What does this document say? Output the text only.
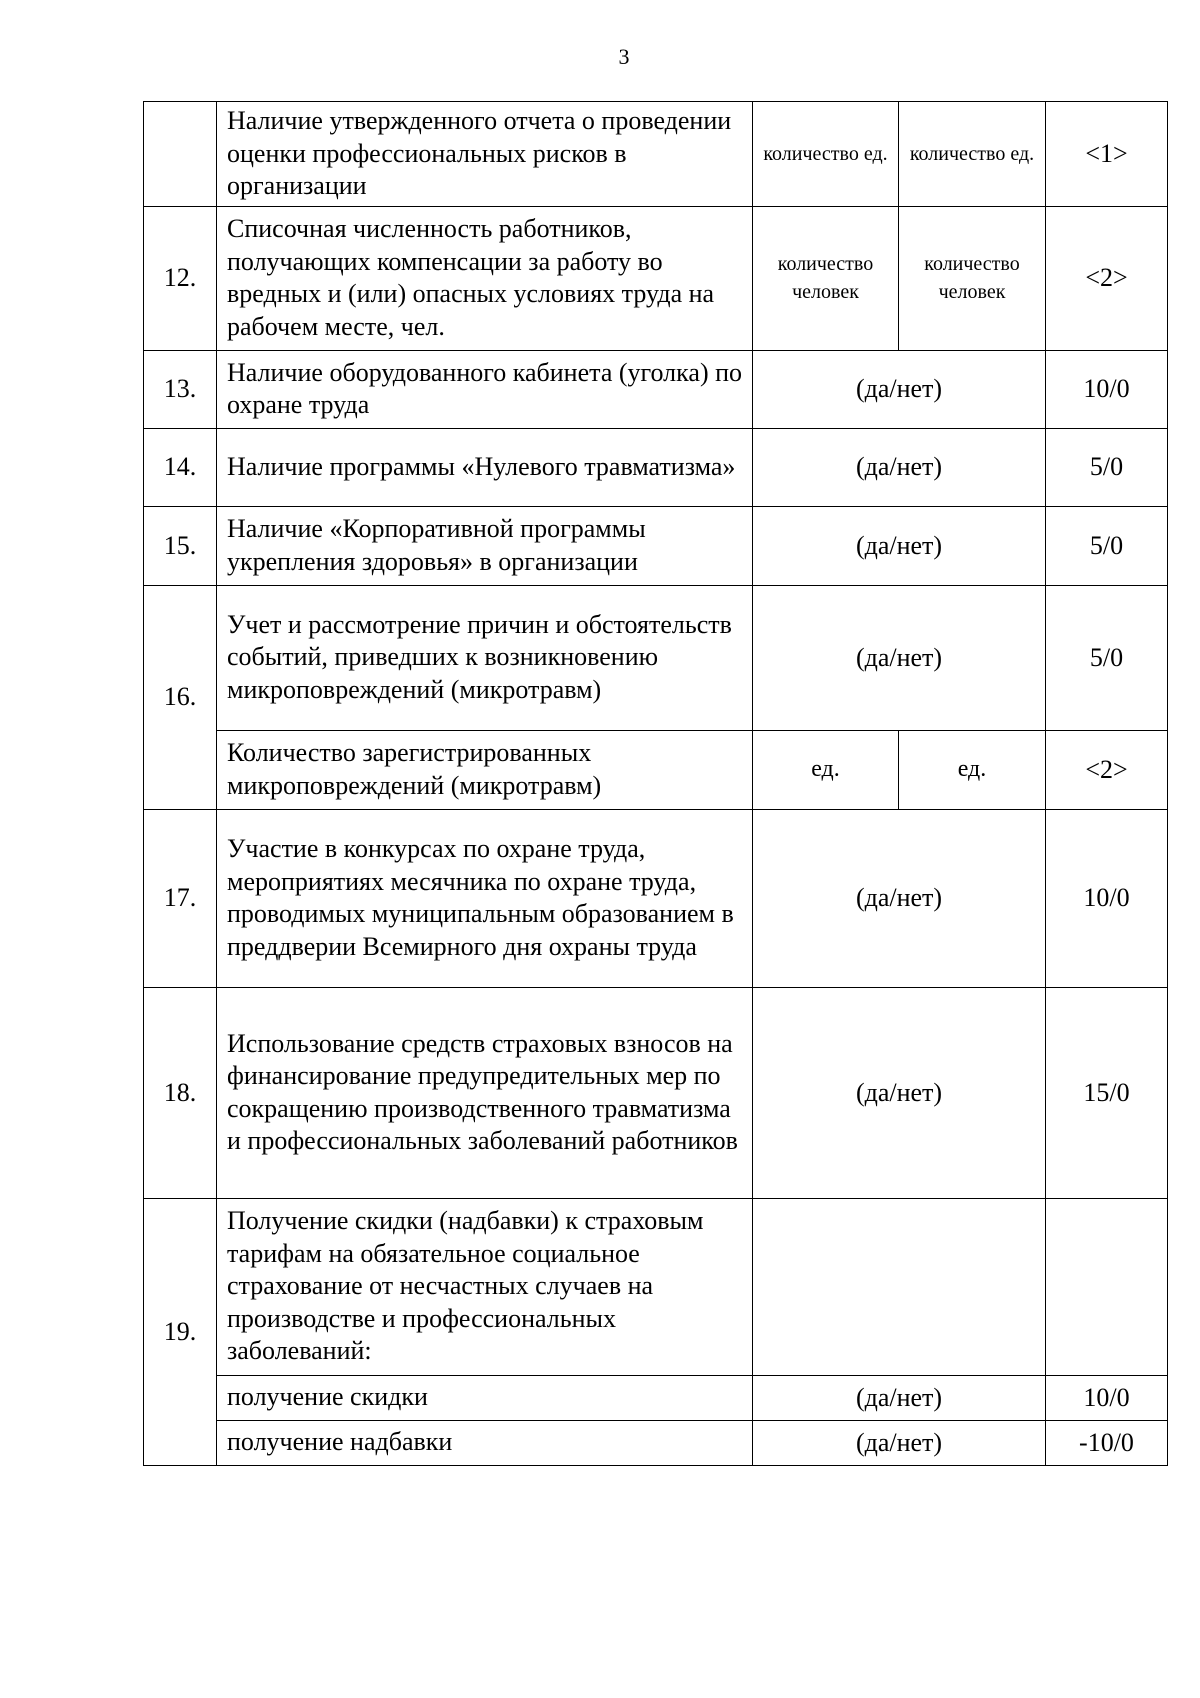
3
	Наличие утвержденного отчета о проведении оценки профессиональных рисков в организации	количество ед.	количество ед.	<1>
12.	Списочная численность работников, получающих компенсации за работу во вредных и (или) опасных условиях труда на рабочем месте, чел.	количество человек	количество человек	<2>
13.	Наличие оборудованного кабинета (уголка) по охране труда	(да/нет)		10/0
14.	Наличие программы «Нулевого травматизма»	(да/нет)		5/0
15.	Наличие «Корпоративной программы укрепления здоровья» в организации	(да/нет)		5/0
16.	Учет и рассмотрение причин и обстоятельств событий, приведших к возникновению микроповреждений (микротравм)	(да/нет)		5/0
	Количество зарегистрированных микроповреждений (микротравм)	ед.	ед.	<2>
17.	Участие в конкурсах по охране труда, мероприятиях месячника по охране труда, проводимых муниципальным образованием в преддверии Всемирного дня охраны труда	(да/нет)		10/0
18.	Использование средств страховых взносов на финансирование предупредительных мер по сокращению производственного травматизма и профессиональных заболеваний работников	(да/нет)		15/0
19.	Получение скидки (надбавки) к страховым тарифам на обязательное социальное страхование от несчастных случаев на производстве и профессиональных заболеваний:			
	получение скидки	(да/нет)		10/0
	получение надбавки	(да/нет)		-10/0
